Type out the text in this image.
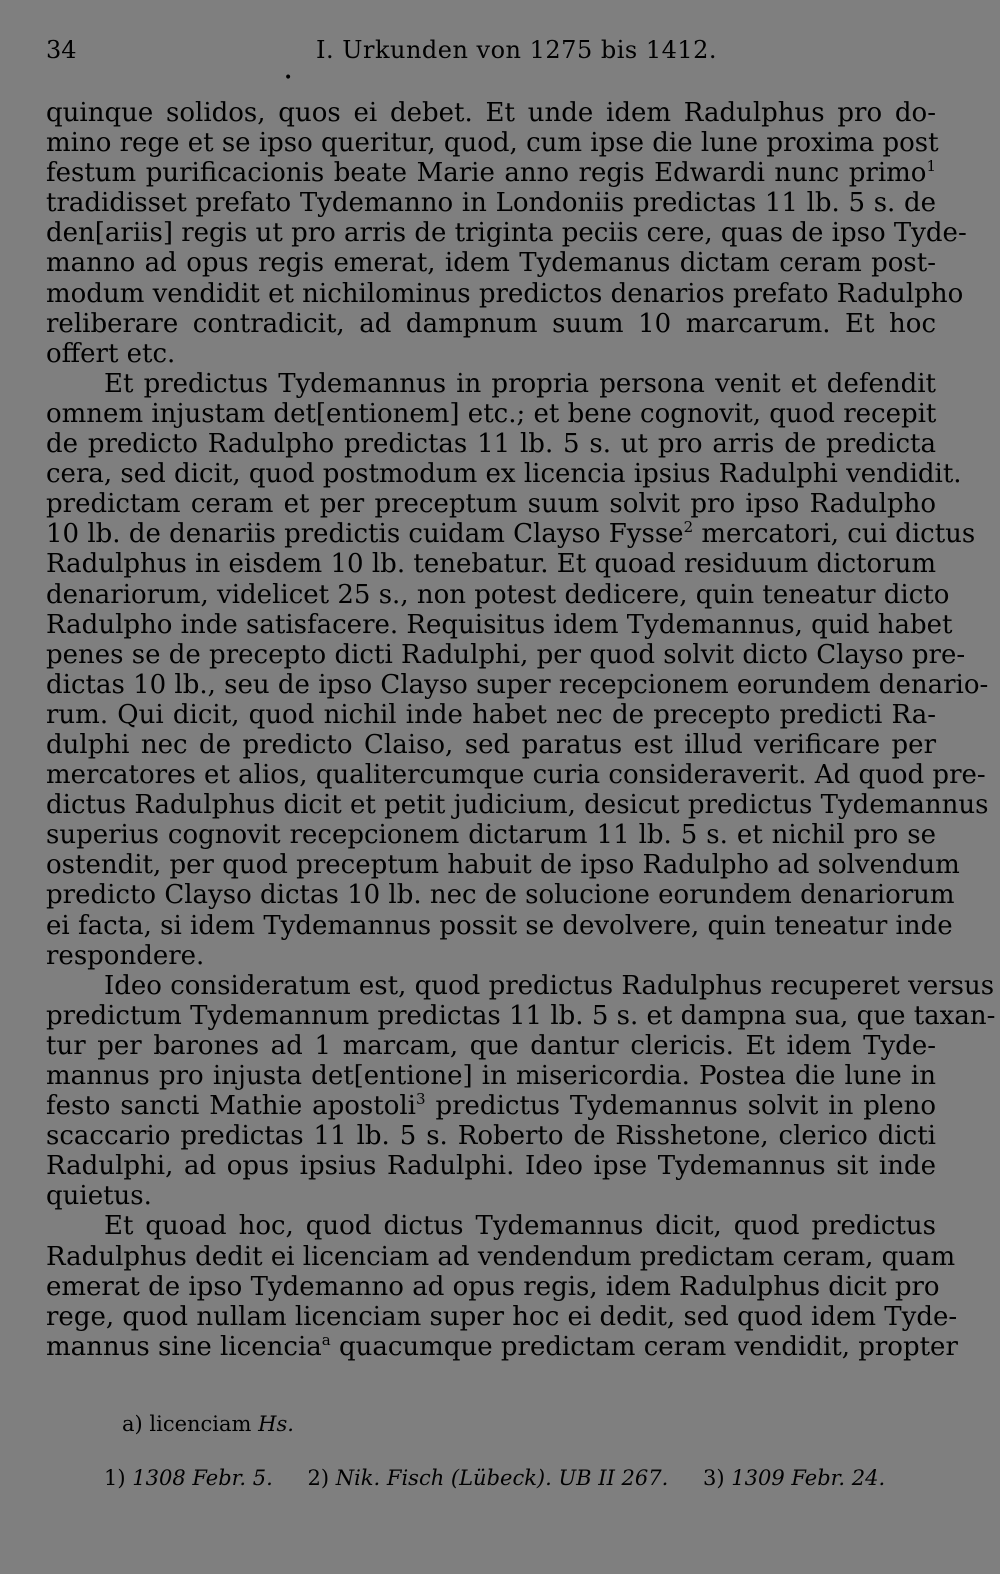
34	I. Urkunden von 1275 bis 1412.
•
quinque solidos, quos ei debet. Et unde idem Radulphus pro do-
mino rege et se ipso queritur, quod, cum ipse die lune proxima post
festum purificacionis beate Marie anno regis Edwardi nunc primo$^1$
tradidisset prefato Tydemanno in Londoniis predictas 11 lb. 5 s. de
den[ariis] regis ut pro arris de triginta peciis cere, quas de ipso Tyde-
manno ad opus regis emerat, idem Tydemanus dictam ceram post-
modum vendidit et nichilominus predictos denarios prefato Radulpho
reliberare contradicit, ad dampnum suum 10 marcarum. Et hoc
offert etc.
Et predictus Tydemannus in propria persona venit et defendit
omnem injustam det[entionem] etc.; et bene cognovit, quod recepit
de predicto Radulpho predictas 11 lb. 5 s. ut pro arris de predicta
cera, sed dicit, quod postmodum ex licencia ipsius Radulphi vendidit.
predictam ceram et per preceptum suum solvit pro ipso Radulpho
10 lb. de denariis predictis cuidam Clayso Fysse$^2$ mercatori, cui dictus
Radulphus in eisdem 10 lb. tenebatur. Et quoad residuum dictorum
denariorum, videlicet 25 s., non potest dedicere, quin teneatur dicto
Radulpho inde satisfacere. Requisitus idem Tydemannus, quid habet
penes se de precepto dicti Radulphi, per quod solvit dicto Clayso pre-
dictas 10 lb., seu de ipso Clayso super recepcionem eorundem denario-
rum. Qui dicit, quod nichil inde habet nec de precepto predicti Ra-
dulphi nec de predicto Claiso, sed paratus est illud verificare per
mercatores et alios, qualitercumque curia consideraverit. Ad quod pre-
dictus Radulphus dicit et petit judicium, desicut predictus Tydemannus
superius cognovit recepcionem dictarum 11 lb. 5 s. et nichil pro se
ostendit, per quod preceptum habuit de ipso Radulpho ad solvendum
predicto Clayso dictas 10 lb. nec de solucione eorundem denariorum
ei facta, si idem Tydemannus possit se devolvere, quin teneatur inde
respondere.
Ideo consideratum est, quod predictus Radulphus recuperet versus
predictum Tydemannum predictas 11 lb. 5 s. et dampna sua, que taxan-
tur per barones ad 1 marcam, que dantur clericis. Et idem Tyde-
mannus pro injusta det[entione] in misericordia. Postea die lune in
festo sancti Mathie apostoli$^3$ predictus Tydemannus solvit in pleno
scaccario predictas 11 lb. 5 s. Roberto de Risshetone, clerico dicti
Radulphi, ad opus ipsius Radulphi. Ideo ipse Tydemannus sit inde
quietus.
Et quoad hoc, quod dictus Tydemannus dicit, quod predictus
Radulphus dedit ei licenciam ad vendendum predictam ceram, quam
emerat de ipso Tydemanno ad opus regis, idem Radulphus dicit pro
rege, quod nullam licenciam super hoc ei dedit, sed quod idem Tyde-
mannus sine licencia$^a$ quacumque predictam ceram vendidit, propter
a) licenciam Hs.
1) 1308 Febr. 5. 2) Nik. Fisch (Lübeck). UB II 267. 3) 1309 Febr. 24.
